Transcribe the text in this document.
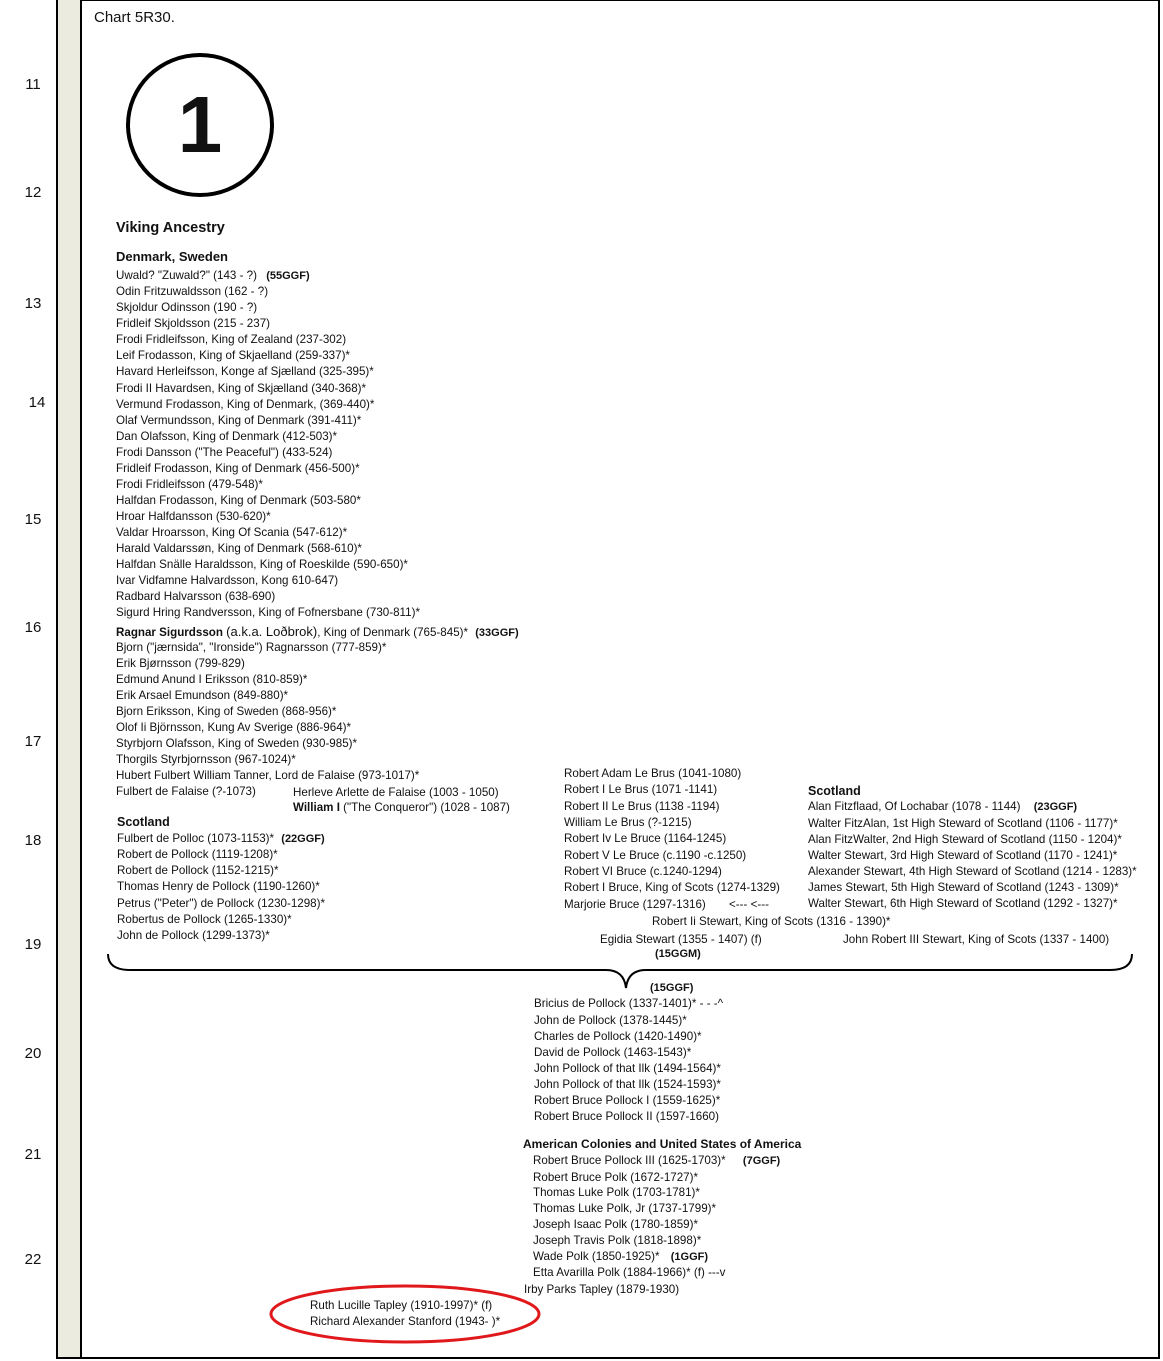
11
12
13
14
15
16
17
18
19
20
21
22
Chart 5R30.
1
Viking Ancestry
Denmark, Sweden
Uwald? "Zuwald?" (143 - ?) (55GGF)
Odin Fritzuwaldsson (162 - ?)
Skjoldur Odinsson (190 - ?)
Fridleif Skjoldsson (215 - 237)
Frodi Fridleifsson, King of Zealand (237-302)
Leif Frodasson, King of Skjaelland (259-337)*
Havard Herleifsson, Konge af Sjælland (325-395)*
Frodi II Havardsen, King of Skjælland (340-368)*
Vermund Frodasson, King of Denmark, (369-440)*
Olaf Vermundsson, King of Denmark (391-411)*
Dan Olafsson, King of Denmark (412-503)*
Frodi Dansson ("The Peaceful") (433-524)
Fridleif Frodasson, King of Denmark (456-500)*
Frodi Fridleifsson (479-548)*
Halfdan Frodasson, King of Denmark (503-580*
Hroar Halfdansson (530-620)*
Valdar Hroarsson, King Of Scania (547-612)*
Harald Valdarssøn, King of Denmark (568-610)*
Halfdan Snälle Haraldsson, King of Roeskilde (590-650)*
Ivar Vidfamne Halvardsson, Kong 610-647)
Radbard Halvarsson (638-690)
Sigurd Hring Randversson, King of Fofnersbane (730-811)*
Ragnar Sigurdsson (a.k.a. Loðbrok), King of Denmark (765-845)* (33GGF)
Bjorn ("jærnsida", "Ironside") Ragnarsson (777-859)*
Erik Bjørnsson (799-829)
Edmund Anund I Eriksson (810-859)*
Erik Arsael Emundson (849-880)*
Bjorn Eriksson, King of Sweden (868-956)*
Olof Ii Björnsson, Kung Av Sverige (886-964)*
Styrbjorn Olafsson, King of Sweden (930-985)*
Thorgils Styrbjornsson (967-1024)*
Hubert Fulbert William Tanner, Lord de Falaise (973-1017)*
Fulbert de Falaise (?-1073)	Herleve Arlette de Falaise (1003 - 1050)
William I ("The Conqueror") (1028 - 1087)
Scotland
Fulbert de Polloc (1073-1153)* (22GGF)
Robert de Pollock (1119-1208)*
Robert de Pollock (1152-1215)*
Thomas Henry de Pollock (1190-1260)*
Petrus ("Peter") de Pollock (1230-1298)*
Robertus de Pollock (1265-1330)*
John de Pollock (1299-1373)*
Robert Adam Le Brus (1041-1080)
Robert I Le Brus (1071 -1141)
Robert II Le Brus (1138 -1194)
William Le Brus (?-1215)
Robert Iv Le Bruce (1164-1245)
Robert V Le Bruce (c.1190 -c.1250)
Robert VI Bruce (c.1240-1294)
Robert I Bruce, King of Scots (1274-1329)
Marjorie Bruce (1297-1316) <--- <---
Scotland
Alan Fitzflaad, Of Lochabar (1078 - 1144) (23GGF)
Walter FitzAlan, 1st High Steward of Scotland (1106 - 1177)*
Alan FitzWalter, 2nd High Steward of Scotland (1150 - 1204)*
Walter Stewart, 3rd High Steward of Scotland (1170 - 1241)*
Alexander Stewart, 4th High Steward of Scotland (1214 - 1283)*
James Stewart, 5th High Steward of Scotland (1243 - 1309)*
Walter Stewart, 6th High Steward of Scotland (1292 - 1327)*
Robert Ii Stewart, King of Scots (1316 - 1390)*
Egidia Stewart (1355 - 1407) (f)
(15GGM)
John Robert III Stewart, King of Scots (1337 - 1400)
(15GGF)
Bricius de Pollock (1337-1401)* - - -^
John de Pollock (1378-1445)*
Charles de Pollock (1420-1490)*
David de Pollock (1463-1543)*
John Pollock of that Ilk (1494-1564)*
John Pollock of that Ilk (1524-1593)*
Robert Bruce Pollock I (1559-1625)*
Robert Bruce Pollock II (1597-1660)
American Colonies and United States of America
Robert Bruce Pollock III (1625-1703)* (7GGF)
Robert Bruce Polk (1672-1727)*
Thomas Luke Polk (1703-1781)*
Thomas Luke Polk, Jr (1737-1799)*
Joseph Isaac Polk (1780-1859)*
Joseph Travis Polk (1818-1898)*
Wade Polk (1850-1925)* (1GGF)
Etta Avarilla Polk (1884-1966)* (f) ---v
Irby Parks Tapley (1879-1930)
Ruth Lucille Tapley (1910-1997)* (f)
Richard Alexander Stanford (1943- )*
